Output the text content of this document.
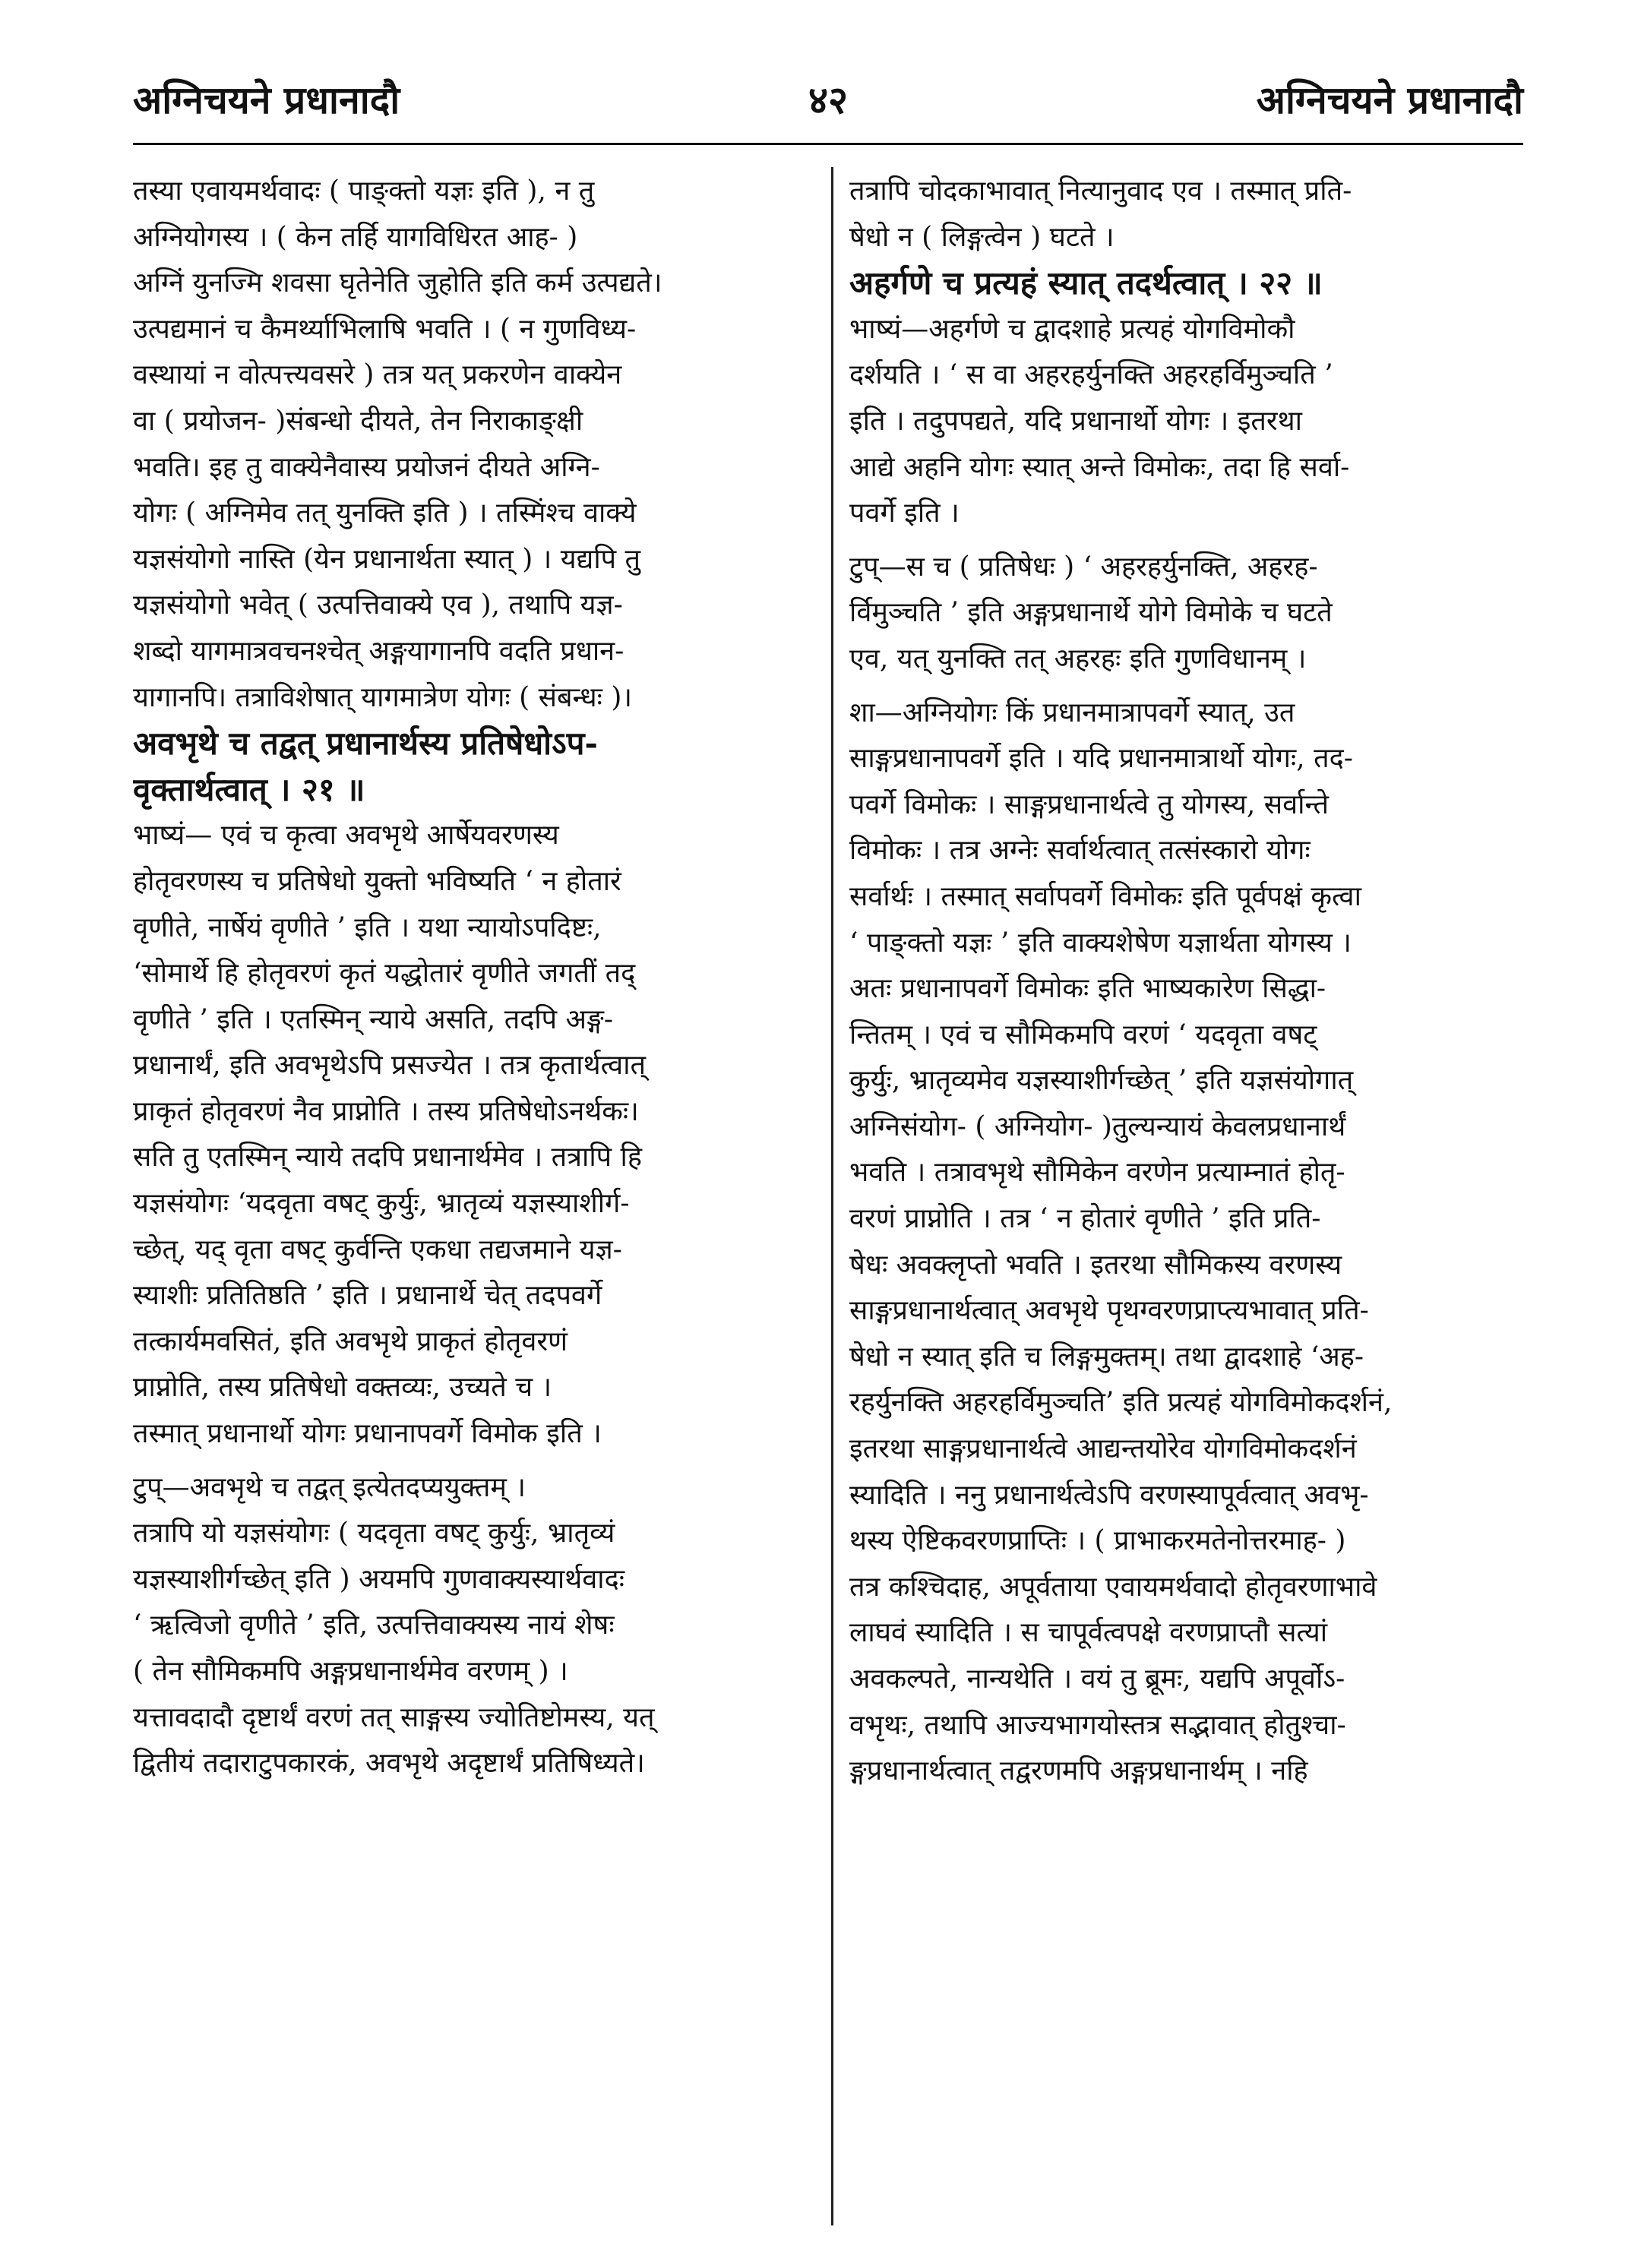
अग्निचयने प्रधानादौ	४२	अग्निचयने प्रधानादौ
तस्या एवायमर्थवादः ( पाङ्क्तो यज्ञः इति ), न तु
अग्नियोगस्य । ( केन तर्हि यागविधिरत आह- )
अग्निं युनज्मि शवसा घृतेनेति जुहोति इति कर्म उत्पद्यते।
उत्पद्यमानं च कैमर्थ्याभिलाषि भवति । ( न गुणविध्य-
वस्थायां न वोत्पत्त्यवसरे ) तत्र यत् प्रकरणेन वाक्येन
वा ( प्रयोजन- )संबन्धो दीयते, तेन निराकाङ्क्षी
भवति। इह तु वाक्येनैवास्य प्रयोजनं दीयते अग्नि-
योगः ( अग्निमेव तत् युनक्ति इति ) । तस्मिंश्च वाक्ये
यज्ञसंयोगो नास्ति (येन प्रधानार्थता स्यात् ) । यद्यपि तु
यज्ञसंयोगो भवेत् ( उत्पत्तिवाक्ये एव ), तथापि यज्ञ-
शब्दो यागमात्रवचनश्चेत् अङ्गयागानपि वदति प्रधान-
यागानपि। तत्राविशेषात् यागमात्रेण योगः ( संबन्धः )।
अवभृथे च तद्वत् प्रधानार्थस्य प्रतिषेधोऽप-
वृक्तार्थत्वात् । २१ ॥
भाष्यं— एवं च कृत्वा अवभृथे आर्षेयवरणस्य
होतृवरणस्य च प्रतिषेधो युक्तो भविष्यति ‘ न होतारं
वृणीते, नार्षेयं वृणीते ’ इति । यथा न्यायोऽपदिष्टः,
‘सोमार्थे हि होतृवरणं कृतं यद्धोतारं वृणीते जगतीं तद्
वृणीते ’ इति । एतस्मिन् न्याये असति, तदपि अङ्ग-
प्रधानार्थं, इति अवभृथेऽपि प्रसज्येत । तत्र कृतार्थत्वात्
प्राकृतं होतृवरणं नैव प्राप्नोति । तस्य प्रतिषेधोऽनर्थकः।
सति तु एतस्मिन् न्याये तदपि प्रधानार्थमेव । तत्रापि हि
यज्ञसंयोगः ‘यदवृता वषट् कुर्युः, भ्रातृव्यं यज्ञस्याशीर्ग-
च्छेत्, यद् वृता वषट् कुर्वन्ति एकधा तद्यजमाने यज्ञ-
स्याशीः प्रतितिष्ठति ’ इति । प्रधानार्थे चेत् तदपवर्गे
तत्कार्यमवसितं, इति अवभृथे प्राकृतं होतृवरणं
प्राप्नोति, तस्य प्रतिषेधो वक्तव्यः, उच्यते च ।
तस्मात् प्रधानार्थो योगः प्रधानापवर्गे विमोक इति ।
टुप्—अवभृथे च तद्वत् इत्येतदप्ययुक्तम् ।
तत्रापि यो यज्ञसंयोगः ( यदवृता वषट् कुर्युः, भ्रातृव्यं
यज्ञस्याशीर्गच्छेत् इति ) अयमपि गुणवाक्यस्यार्थवादः
‘ ऋत्विजो वृणीते ’ इति, उत्पत्तिवाक्यस्य नायं शेषः
( तेन सौमिकमपि अङ्गप्रधानार्थमेव वरणम् ) ।
यत्तावदादौ दृष्टार्थं वरणं तत् साङ्गस्य ज्योतिष्टोमस्य, यत्
द्वितीयं तदाराटुपकारकं, अवभृथे अदृष्टार्थं प्रतिषिध्यते।
तत्रापि चोदकाभावात् नित्यानुवाद एव । तस्मात् प्रति-
षेधो न ( लिङ्गत्वेन ) घटते ।
अहर्गणे च प्रत्यहं स्यात् तदर्थत्वात् । २२ ॥
भाष्यं—अहर्गणे च द्वादशाहे प्रत्यहं योगविमोकौ
दर्शयति । ‘ स वा अहरहर्युनक्ति अहरहर्विमुञ्चति ’
इति । तदुपपद्यते, यदि प्रधानार्थो योगः । इतरथा
आद्ये अहनि योगः स्यात् अन्ते विमोकः, तदा हि सर्वा-
पवर्गे इति ।
टुप्—स च ( प्रतिषेधः ) ‘ अहरहर्युनक्ति, अहरह-
र्विमुञ्चति ’ इति अङ्गप्रधानार्थे योगे विमोके च घटते
एव, यत् युनक्ति तत् अहरहः इति गुणविधानम् ।
शा—अग्नियोगः किं प्रधानमात्रापवर्गे स्यात्, उत
साङ्गप्रधानापवर्गे इति । यदि प्रधानमात्रार्थो योगः, तद-
पवर्गे विमोकः । साङ्गप्रधानार्थत्वे तु योगस्य, सर्वान्ते
विमोकः । तत्र अग्नेः सर्वार्थत्वात् तत्संस्कारो योगः
सर्वार्थः । तस्मात् सर्वापवर्गे विमोकः इति पूर्वपक्षं कृत्वा
‘ पाङ्क्तो यज्ञः ’ इति वाक्यशेषेण यज्ञार्थता योगस्य ।
अतः प्रधानापवर्गे विमोकः इति भाष्यकारेण सिद्धा-
न्तितम् । एवं च सौमिकमपि वरणं ‘ यदवृता वषट्
कुर्युः, भ्रातृव्यमेव यज्ञस्याशीर्गच्छेत् ’ इति यज्ञसंयोगात्
अग्निसंयोग- ( अग्नियोग- )तुल्यन्यायं केवलप्रधानार्थं
भवति । तत्रावभृथे सौमिकेन वरणेन प्रत्याम्नातं होतृ-
वरणं प्राप्नोति । तत्र ‘ न होतारं वृणीते ’ इति प्रति-
षेधः अवक्लृप्तो भवति । इतरथा सौमिकस्य वरणस्य
साङ्गप्रधानार्थत्वात् अवभृथे पृथग्वरणप्राप्त्यभावात् प्रति-
षेधो न स्यात् इति च लिङ्गमुक्तम्। तथा द्वादशाहे ‘अह-
रहर्युनक्ति अहरहर्विमुञ्चति’ इति प्रत्यहं योगविमोकदर्शनं,
इतरथा साङ्गप्रधानार्थत्वे आद्यन्तयोरेव योगविमोकदर्शनं
स्यादिति । ननु प्रधानार्थत्वेऽपि वरणस्यापूर्वत्वात् अवभृ-
थस्य ऐष्टिकवरणप्राप्तिः । ( प्राभाकरमतेनोत्तरमाह- )
तत्र कश्चिदाह, अपूर्वताया एवायमर्थवादो होतृवरणाभावे
लाघवं स्यादिति । स चापूर्वत्वपक्षे वरणप्राप्तौ सत्यां
अवकल्पते, नान्यथेति । वयं तु ब्रूमः, यद्यपि अपूर्वोऽ-
वभृथः, तथापि आज्यभागयोस्तत्र सद्भावात् होतुश्चा-
ङ्गप्रधानार्थत्वात् तद्वरणमपि अङ्गप्रधानार्थम् । नहि
